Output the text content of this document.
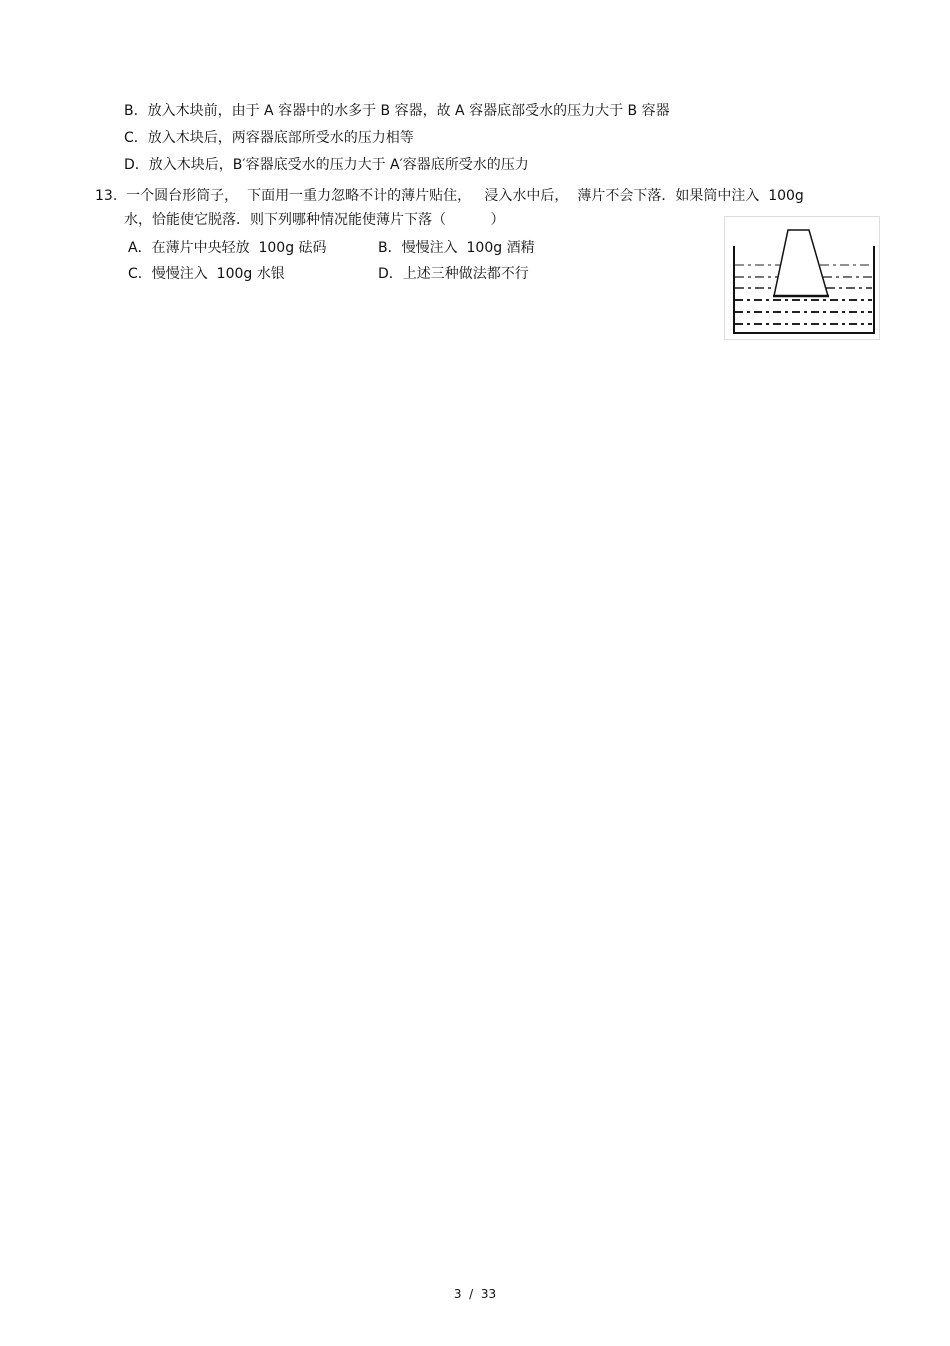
B．放入木块前，由于 A 容器中的水多于 B 容器，故 A 容器底部受水的压力大于 B 容器
C．放入木块后，两容器底部所受水的压力相等
D．放入木块后，B′容器底受水的压力大于 A′容器底所受水的压力
13.  一个圆台形筒子，  下面用一重力忽略不计的薄片贴住，   浸入水中后，  薄片不会下落．如果筒中注入  100g
水，恰能使它脱落．则下列哪种情况能使薄片下落（          ）
A．在薄片中央轻放  100g 砝码	B．慢慢注入  100g 酒精
C．慢慢注入  100g 水银	D．上述三种做法都不行
3  /  33
